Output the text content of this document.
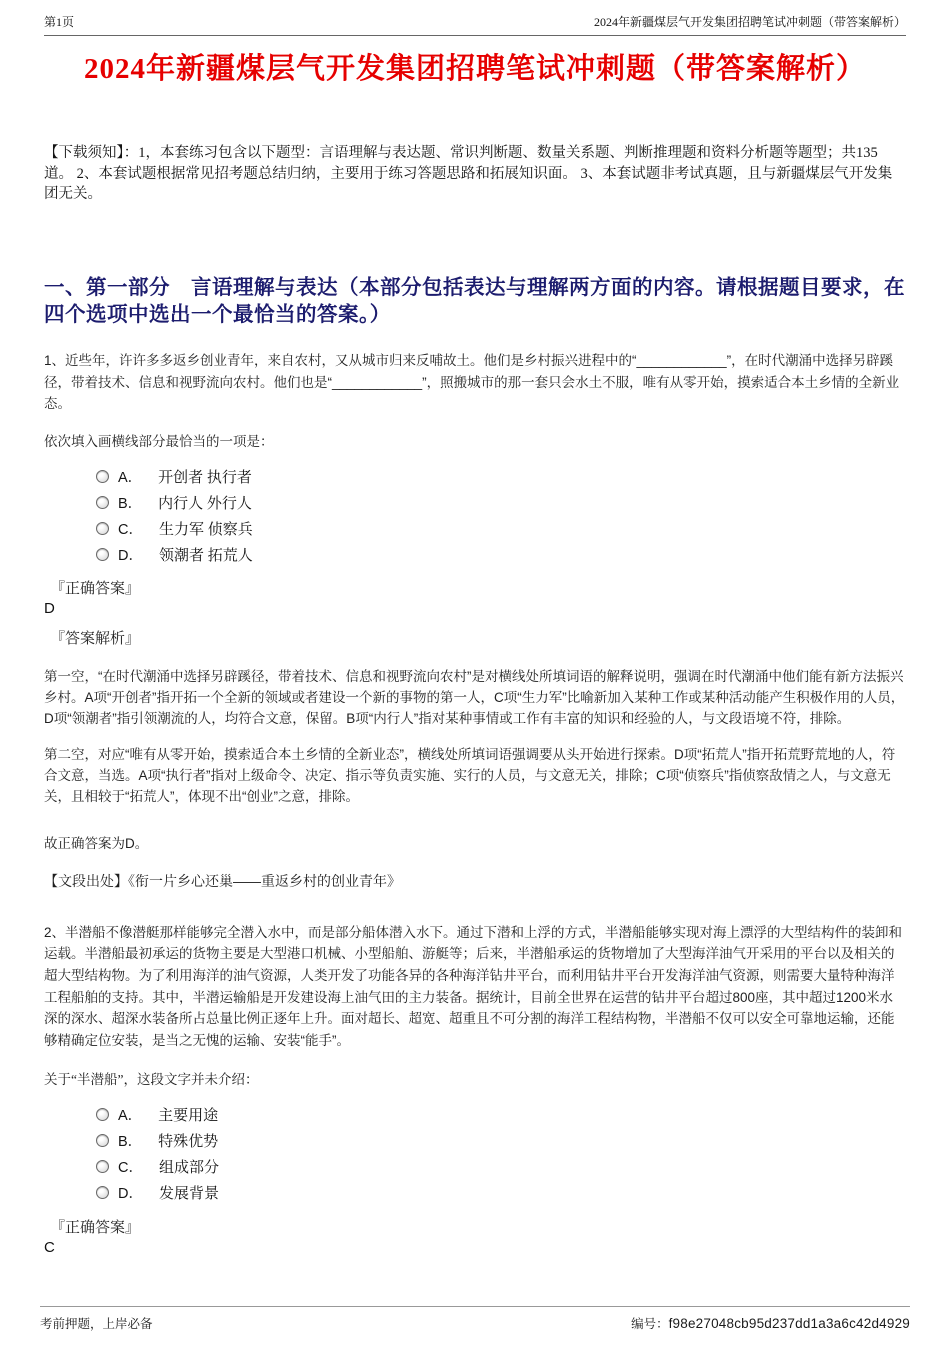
第1页	2024年新疆煤层气开发集团招聘笔试冲刺题（带答案解析）
2024年新疆煤层气开发集团招聘笔试冲刺题（带答案解析）

【下载须知】：1，本套练习包含以下题型：言语理解与表达题、常识判断题、数量关系题、判断推理题和资料分析题等题型；共135道。 2、本套试题根据常见招考题总结归纳，主要用于练习答题思路和拓展知识面。 3、本套试题非考试真题，且与新疆煤层气开发集团无关。

一、第一部分　言语理解与表达（本部分包括表达与理解两方面的内容。请根据题目要求，在四个选项中选出一个最恰当的答案。）

1、近些年，许许多多返乡创业青年，来自农村，又从城市归来反哺故土。他们是乡村振兴进程中的“____________”，在时代潮涌中选择另辟蹊径，带着技术、信息和视野流向农村。他们也是“____________”，照搬城市的那一套只会水土不服，唯有从零开始，摸索适合本土乡情的全新业态。

依次填入画横线部分最恰当的一项是：

A． 开创者 执行者
B． 内行人 外行人
C． 生力军 侦察兵
D． 领潮者 拓荒人
『正确答案』
D
『答案解析』

第一空，“在时代潮涌中选择另辟蹊径，带着技术、信息和视野流向农村”是对横线处所填词语的解释说明，强调在时代潮涌中他们能有新方法振兴乡村。A项“开创者”指开拓一个全新的领域或者建设一个新的事物的第一人，C项“生力军”比喻新加入某种工作或某种活动能产生积极作用的人员，D项“领潮者”指引领潮流的人，均符合文意，保留。B项“内行人”指对某种事情或工作有丰富的知识和经验的人，与文段语境不符，排除。

第二空，对应“唯有从零开始，摸索适合本土乡情的全新业态”，横线处所填词语强调要从头开始进行探索。D项“拓荒人”指开拓荒野荒地的人，符合文意，当选。A项“执行者”指对上级命令、决定、指示等负责实施、实行的人员，与文意无关，排除；C项“侦察兵”指侦察敌情之人，与文意无关，且相较于“拓荒人”，体现不出“创业”之意，排除。

故正确答案为D。

【文段出处】《衔一片乡心还巢——重返乡村的创业青年》

2、半潜船不像潜艇那样能够完全潜入水中，而是部分船体潜入水下。通过下潜和上浮的方式，半潜船能够实现对海上漂浮的大型结构件的装卸和运载。半潜船最初承运的货物主要是大型港口机械、小型船舶、游艇等；后来，半潜船承运的货物增加了大型海洋油气开采用的平台以及相关的超大型结构物。为了利用海洋的油气资源，人类开发了功能各异的各种海洋钻井平台，而利用钻井平台开发海洋油气资源，则需要大量特种海洋工程船舶的支持。其中，半潜运输船是开发建设海上油气田的主力装备。据统计，目前全世界在运营的钻井平台超过800座，其中超过1200米水深的深水、超深水装备所占总量比例正逐年上升。面对超长、超宽、超重且不可分割的海洋工程结构物，半潜船不仅可以安全可靠地运输，还能够精确定位安装，是当之无愧的运输、安装“能手”。

关于“半潜船”，这段文字并未介绍：

A． 主要用途
B． 特殊优势
C． 组成部分
D． 发展背景
『正确答案』
C
考前押题，上岸必备	编号： f98e27048cb95d237dd1a3a6c42d4929
